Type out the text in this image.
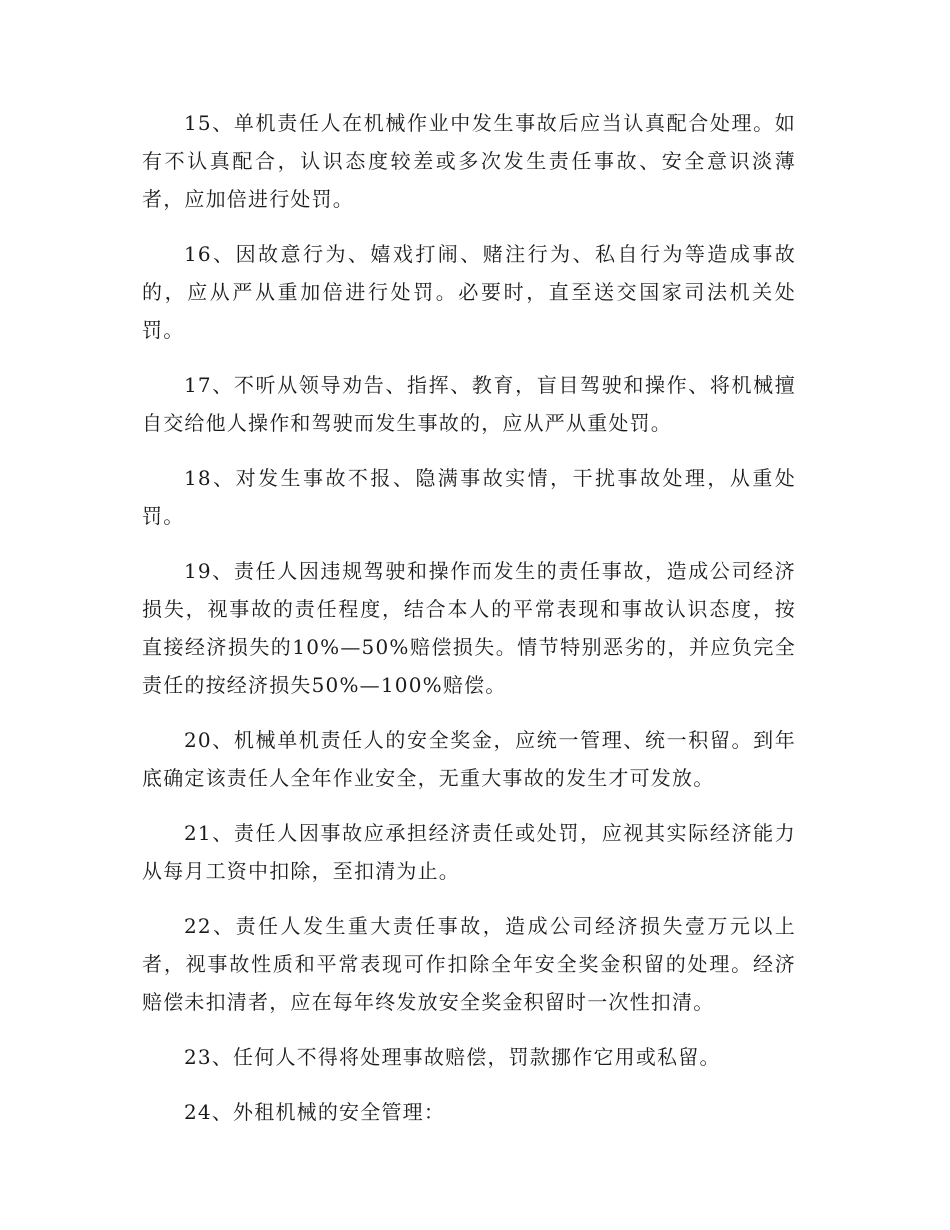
15、单机责任人在机械作业中发生事故后应当认真配合处理。如有不认真配合，认识态度较差或多次发生责任事故、安全意识淡薄者，应加倍进行处罚。

16、因故意行为、嬉戏打闹、赌注行为、私自行为等造成事故的，应从严从重加倍进行处罚。必要时，直至送交国家司法机关处罚。

17、不听从领导劝告、指挥、教育，盲目驾驶和操作、将机械擅自交给他人操作和驾驶而发生事故的，应从严从重处罚。

18、对发生事故不报、隐满事故实情，干扰事故处理，从重处罚。

19、责任人因违规驾驶和操作而发生的责任事故，造成公司经济损失，视事故的责任程度，结合本人的平常表现和事故认识态度，按直接经济损失的10%—50%赔偿损失。情节特别恶劣的，并应负完全责任的按经济损失50%—100%赔偿。

20、机械单机责任人的安全奖金，应统一管理、统一积留。到年底确定该责任人全年作业安全，无重大事故的发生才可发放。

21、责任人因事故应承担经济责任或处罚，应视其实际经济能力从每月工资中扣除，至扣清为止。

22、责任人发生重大责任事故，造成公司经济损失壹万元以上者，视事故性质和平常表现可作扣除全年安全奖金积留的处理。经济赔偿未扣清者，应在每年终发放安全奖金积留时一次性扣清。

23、任何人不得将处理事故赔偿，罚款挪作它用或私留。

24、外租机械的安全管理：
